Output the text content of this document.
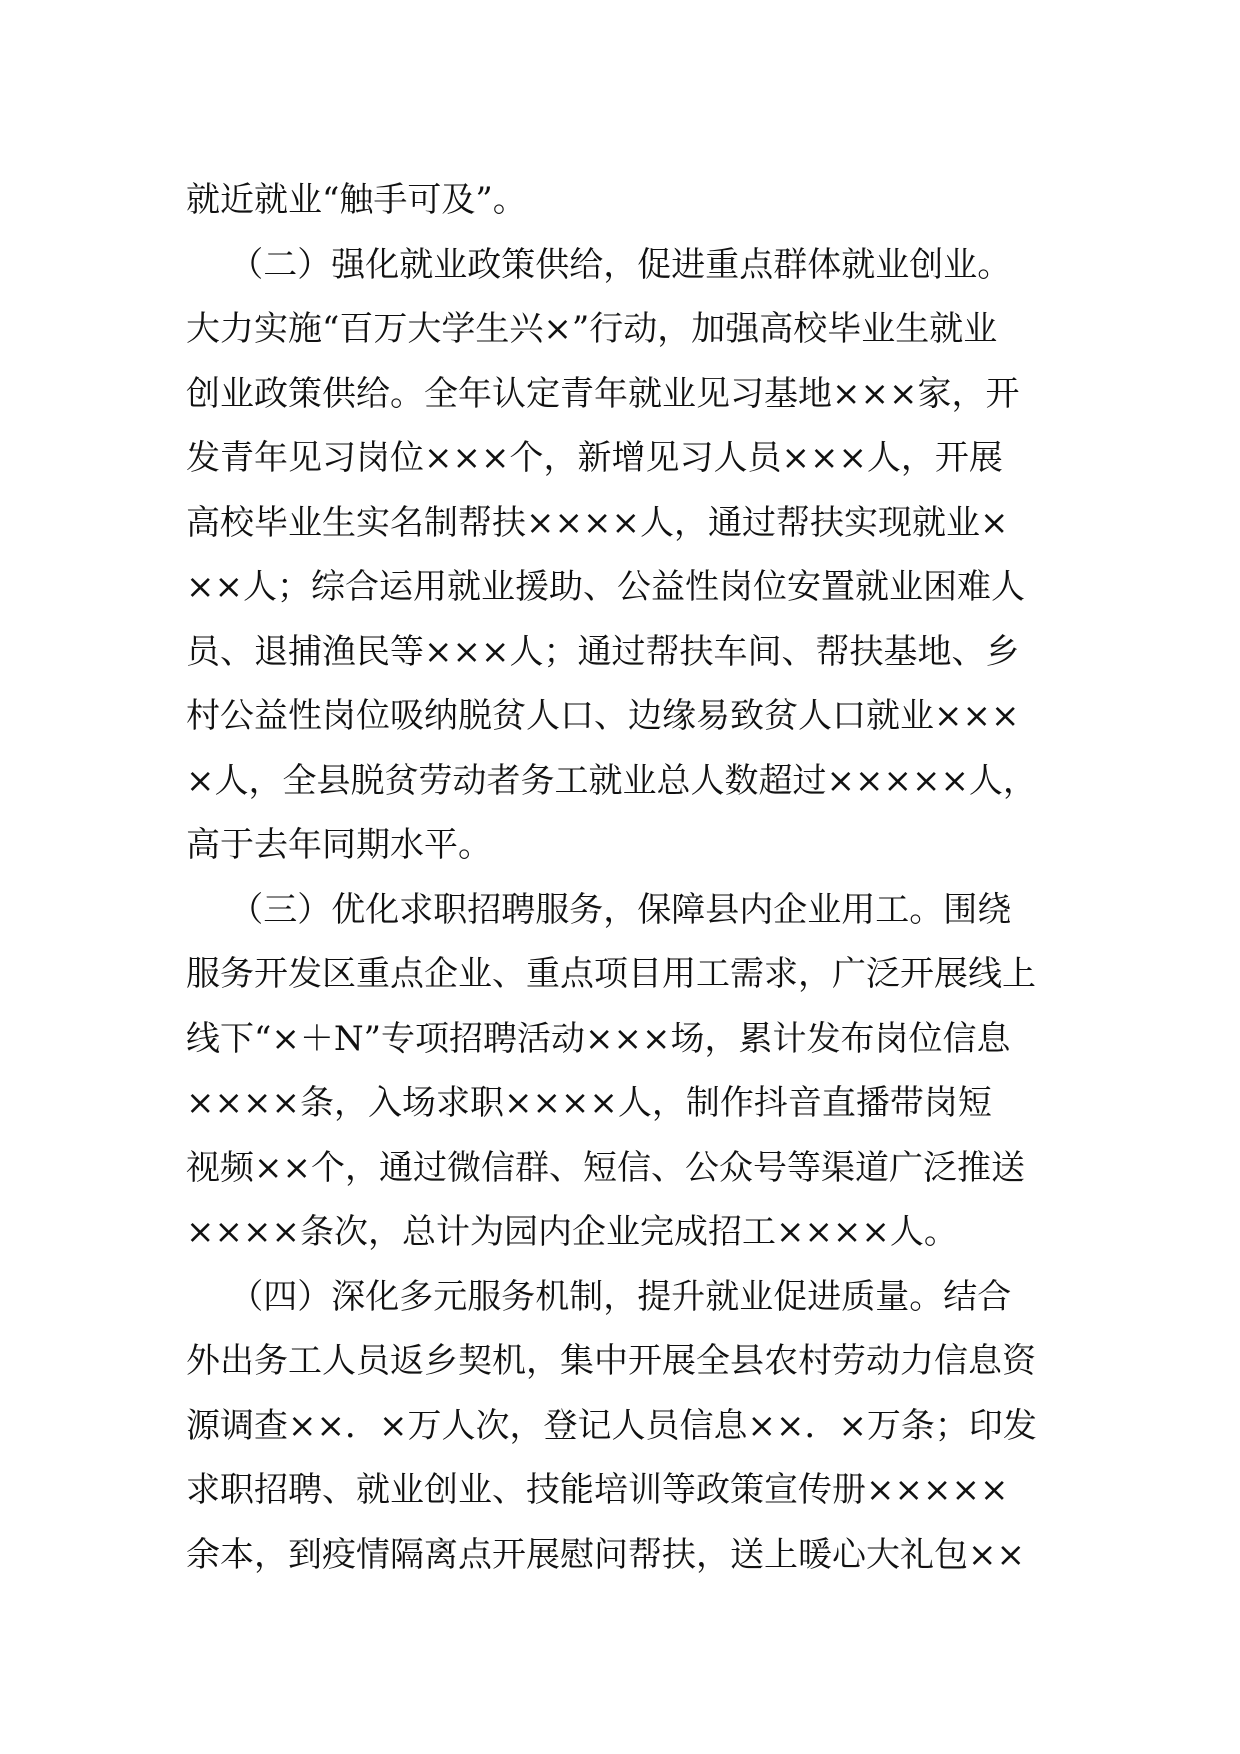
就近就业“触手可及”。
（二）强化就业政策供给，促进重点群体就业创业。
大力实施“百万大学生兴×”行动，加强高校毕业生就业
创业政策供给。全年认定青年就业见习基地×××家，开
发青年见习岗位×××个，新增见习人员×××人，开展
高校毕业生实名制帮扶××××人，通过帮扶实现就业×
××人；综合运用就业援助、公益性岗位安置就业困难人
员、退捕渔民等×××人；通过帮扶车间、帮扶基地、乡
村公益性岗位吸纳脱贫人口、边缘易致贫人口就业×××
×人，全县脱贫劳动者务工就业总人数超过×××××人，
高于去年同期水平。
（三）优化求职招聘服务，保障县内企业用工。围绕
服务开发区重点企业、重点项目用工需求，广泛开展线上
线下“×＋N”专项招聘活动×××场，累计发布岗位信息
××××条，入场求职××××人，制作抖音直播带岗短
视频××个，通过微信群、短信、公众号等渠道广泛推送
××××条次，总计为园内企业完成招工××××人。
（四）深化多元服务机制，提升就业促进质量。结合
外出务工人员返乡契机，集中开展全县农村劳动力信息资
源调查××．×万人次，登记人员信息××．×万条；印发
求职招聘、就业创业、技能培训等政策宣传册×××××
余本，到疫情隔离点开展慰问帮扶，送上暖心大礼包××
